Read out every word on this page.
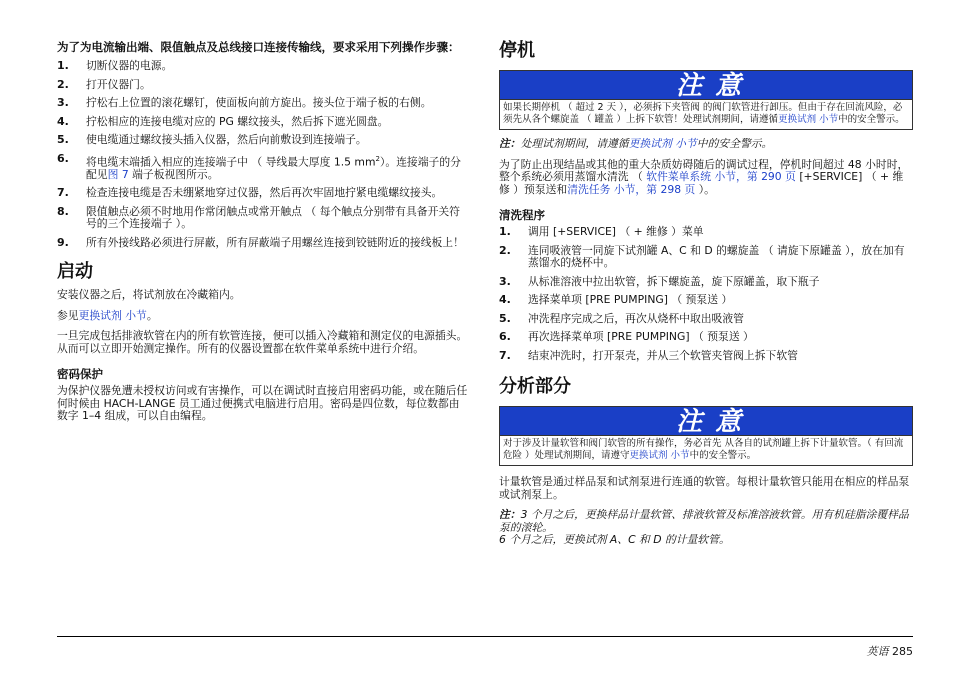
为了为电流输出端、限值触点及总线接口连接传输线，要求采用下列操作步骤：
1. 切断仪器的电源。
2. 打开仪器门。
3. 拧松右上位置的滚花螺钉，使面板向前方旋出。接头位于端子板的右侧。
4. 拧松相应的连接电缆对应的 PG 螺纹接头，然后拆下遮光圆盘。
5. 使电缆通过螺纹接头插入仪器，然后向前敷设到连接端子。
6. 将电缆末端插入相应的连接端子中 （ 导线最大厚度 1.5 $mm^2$）。连接端子的分配见图 7 端子板视图所示。
7. 检查连接电缆是否未绷紧地穿过仪器，然后再次牢固地拧紧电缆螺纹接头。
8. 限值触点必须不时地用作常闭触点或常开触点 （ 每个触点分别带有具备开关符号的三个连接端子 ）。
9. 所有外接线路必须进行屏蔽，所有屏蔽端子用螺丝连接到铰链附近的接线板上！
启动

安装仪器之后，将试剂放在冷藏箱内。

参见更换试剂 小节。

一旦完成包括排液软管在内的所有软管连接，便可以插入冷藏箱和测定仪的电源插头。从而可以立即开始测定操作。所有的仪器设置都在软件菜单系统中进行介绍。

密码保护

为保护仪器免遭未授权访问或有害操作，可以在调试时直接启用密码功能，或在随后任何时候由 HACH-LANGE 员工通过便携式电脑进行启用。密码是四位数，每位数都由数字 1–4 组成，可以自由编程。

停机
注 意
如果长期停机 （ 超过 2 天 ），必须拆下夹管阀 的阀门软管进行卸压。但由于存在回流风险，必须先从各个螺旋盖 （ 罐盖 ）上拆下软管！处理试剂期间，请遵循更换试剂 小节中的安全警示。
注：处理试剂期间，请遵循更换试剂 小节中的安全警示。

为了防止出现结晶或其他的重大杂质妨碍随后的调试过程，停机时间超过 48 小时时，整个系统必须用蒸馏水清洗 （ 软件菜单系统 小节，第 290 页 [+SERVICE] （ + 维修 ）预泵送和清洗任务 小节，第 298 页 ）。

清洗程序
1. 调用 [+SERVICE] （ + 维修 ）菜单
2. 连同吸液管一同旋下试剂罐 A、C 和 D 的螺旋盖 （ 请旋下原罐盖 ），放在加有蒸馏水的烧杯中。
3. 从标准溶液中拉出软管，拆下螺旋盖，旋下原罐盖，取下瓶子
4. 选择菜单项 [PRE PUMPING] （ 预泵送 ）
5. 冲洗程序完成之后，再次从烧杯中取出吸液管
6. 再次选择菜单项 [PRE PUMPING] （ 预泵送 ）
7. 结束冲洗时，打开泵壳，并从三个软管夹管阀上拆下软管
分析部分
注 意
对于涉及计量软管和阀门软管的所有操作，务必首先 从各自的试剂罐上拆下计量软管。（ 有回流危险 ）处理试剂期间，请遵守更换试剂 小节中的安全警示。

计量软管是通过样品泵和试剂泵进行连通的软管。每根计量软管只能用在相应的样品泵或试剂泵上。

注：3 个月之后，更换样品计量软管、排液软管及标准溶液软管。用有机硅脂涂覆样品泵的滚轮。
6 个月之后，更换试剂 A、C 和 D 的计量软管。
英语 285
